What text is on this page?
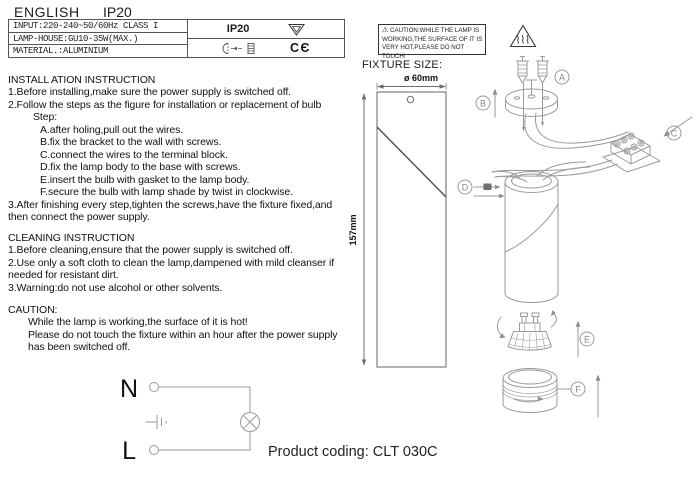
ENGLISH IP20
INPUT:220-240~50/60Hz CLASS I
LAMP-HOUSE:GU10-35W(MAX.)
MATERIAL.:ALUMINIUM
IP20
CЄ
⚠ CAUTION:WHILE THE LAMP IS
WORKING,THE SURFACE OF IT IS
VERY HOT,PLEASE DO NOT TOUCH!
FIXTURE SIZE:
ø 60mm
157mm
INSTALL ATION INSTRUCTION
1.Before installing,make sure the power supply is switched off.
2.Follow the steps as the figure for installation or replacement of bulb
Step:
A.after holing,pull out the wires.
B.fix the bracket to the wall with screws.
C.connect the wires to the terminal block.
D.fix the lamp body to the base with screws.
E.insert the bulb with gasket to the lamp body.
F.secure the bulb with lamp shade by twist in clockwise.
3.After finishing every step,tighten the screws,have the fixture fixed,and
then connect the power supply.
CLEANING INSTRUCTION
1.Before cleaning,ensure that the power supply is switched off.
2.Use only a soft cloth to clean the lamp,dampened with mild cleanser if
needed for resistant dirt.
3.Warning:do not use alcohol or other solvents.
CAUTION:
While the lamp is working,the surface of it is hot!
Please do not touch the fixture within an hour after the power supply
has been switched off.
N
L	Product coding: CLT 030C
A
B
C
D
E
F
